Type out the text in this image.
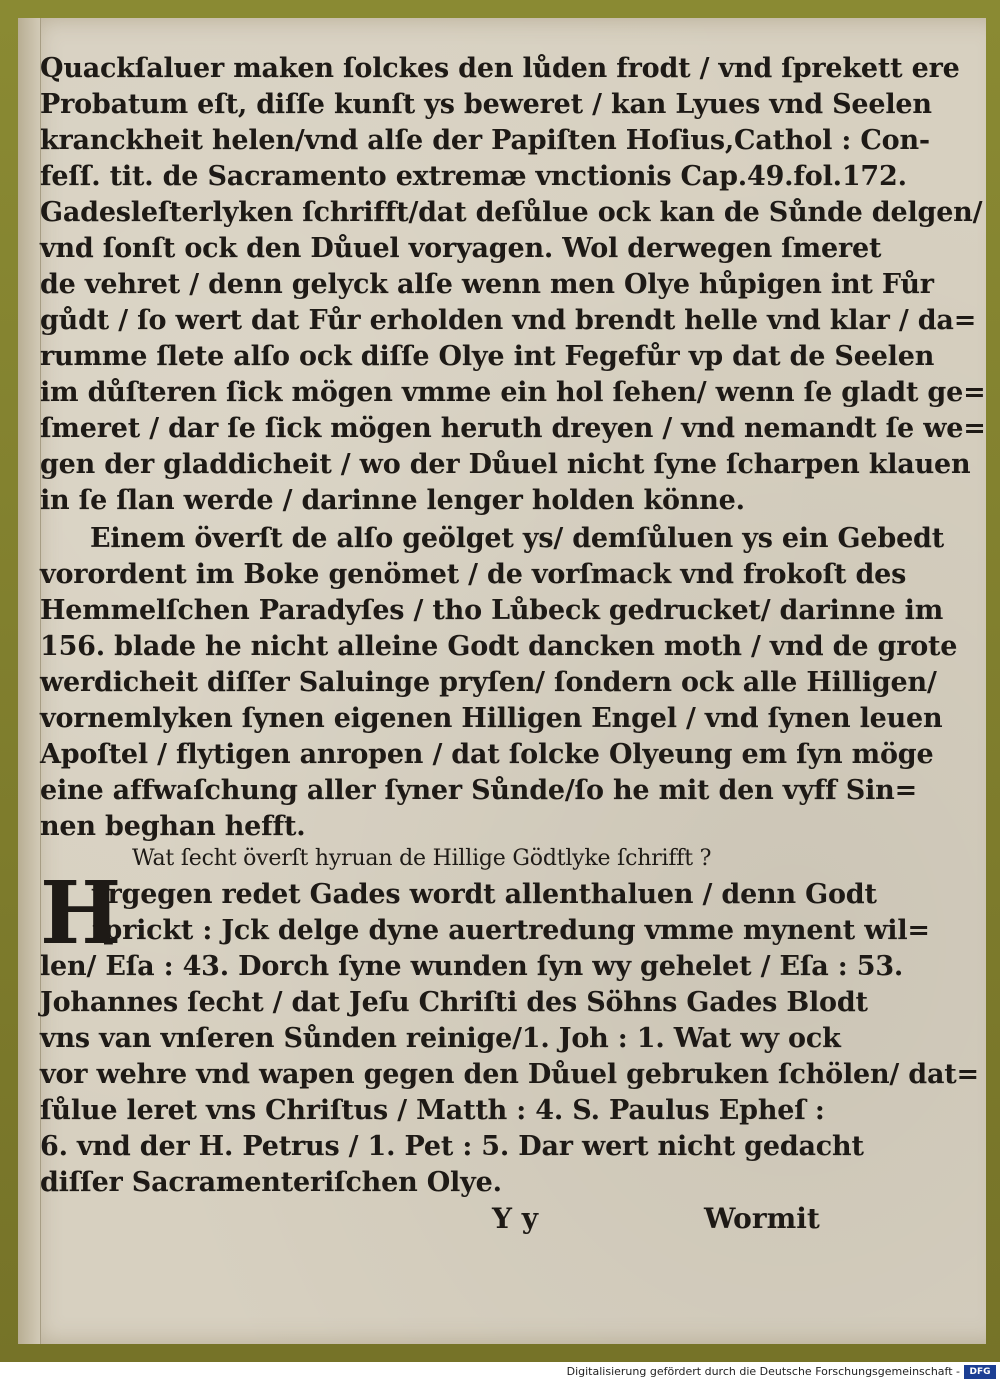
Quackſaluer maken ſolckes den lůden frodt / vnd ſprekett ere
Probatum eſt, diſſe kunſt ys beweret / kan Lyues vnd Seelen
kranckheit helen/vnd alſe der Papiſten Hoſius,Cathol : Con-
feſſ. tit. de Sacramento extremæ vnctionis Cap.49.fol.172.
Gadesleſterlyken ſchrifft/dat deſůlue ock kan de Sůnde delgen/
vnd ſonſt ock den Důuel voryagen. Wol derwegen ſmeret
de vehret / denn gelyck alſe wenn men Olye hůpigen int Fůr
gůdt / ſo wert dat Fůr erholden vnd brendt helle vnd klar / da=
rumme ſlete alſo ock diſſe Olye int Fegefůr vp dat de Seelen
im důſteren ſick mögen vmme ein hol ſehen/ wenn ſe gladt ge=
ſmeret / dar ſe ſick mögen heruth dreyen / vnd nemandt ſe we=
gen der gladdicheit / wo der Důuel nicht ſyne ſcharpen klauen
in ſe ſlan werde / darinne lenger holden könne.
Einem överſt de alſo geölget ys/ demſůluen ys ein Gebedt
vorordent im Boke genömet / de vorſmack vnd frokoſt des
Hemmelſchen Paradyſes / tho Lůbeck gedrucket/ darinne im
156. blade he nicht alleine Godt dancken moth / vnd de grote
werdicheit diſſer Saluinge pryſen/ ſondern ock alle Hilligen/
vornemlyken ſynen eigenen Hilligen Engel / vnd ſynen leuen
Apoſtel / flytigen anropen / dat ſolcke Olyeung em ſyn möge
eine affwaſchung aller ſyner Sůnde/ſo he mit den vyff Sin=
nen beghan hefft.
Wat ſecht överſt hyruan de Hillige Gödtlyke ſchrifft ?
H
yrgegen redet Gades wordt allenthaluen / denn Godt
ſprickt : Jck delge dyne auertredung vmme mynent wil=
len/ Eſa : 43. Dorch ſyne wunden ſyn wy gehelet / Eſa : 53.
Johannes ſecht / dat Jeſu Chriſti des Söhns Gades Blodt
vns van vnſeren Sůnden reinige/1. Joh : 1. Wat wy ock
vor wehre vnd wapen gegen den Důuel gebruken ſchölen/ dat=
ſůlue leret vns Chriſtus / Matth : 4. S. Paulus Epheſ :
6. vnd der H. Petrus / 1. Pet : 5. Dar wert nicht gedacht
diſſer Sacramenteriſchen Olye.
Y y	Wormit
Digitalisierung gefördert durch die Deutsche Forschungsgemeinschaft -	DFG
